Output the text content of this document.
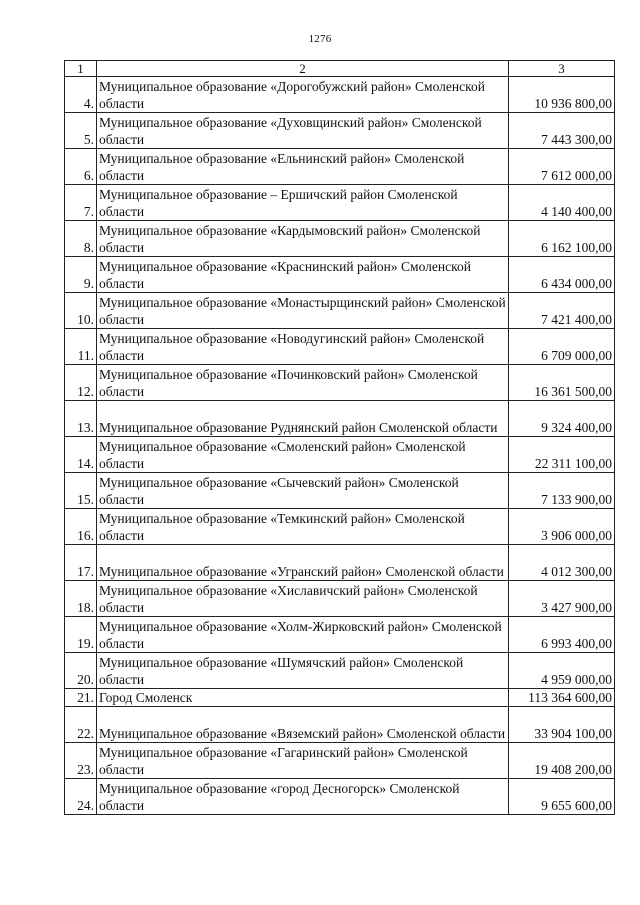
1276
1	2	3
4.	Муниципальное образование «Дорогобужский район» Смоленской области	10 936 800,00
5.	Муниципальное образование «Духовщинский район» Смоленской области	7 443 300,00
6.	Муниципальное образование «Ельнинский район» Смоленской области	7 612 000,00
7.	Муниципальное образование – Ершичский район Смоленской области	4 140 400,00
8.	Муниципальное образование «Кардымовский район» Смоленской области	6 162 100,00
9.	Муниципальное образование «Краснинский район» Смоленской области	6 434 000,00
10.	Муниципальное образование «Монастырщинский район» Смоленской области	7 421 400,00
11.	Муниципальное образование «Новодугинский район» Смоленской области	6 709 000,00
12.	Муниципальное образование «Починковский район» Смоленской области	16 361 500,00
13.	Муниципальное образование Руднянский район Смоленской области	9 324 400,00
14.	Муниципальное образование «Смоленский район» Смоленской области	22 311 100,00
15.	Муниципальное образование «Сычевский район» Смоленской области	7 133 900,00
16.	Муниципальное образование «Темкинский район» Смоленской области	3 906 000,00
17.	Муниципальное образование «Угранский район» Смоленской области	4 012 300,00
18.	Муниципальное образование «Хиславичский район» Смоленской области	3 427 900,00
19.	Муниципальное образование «Холм-Жирковский район» Смоленской области	6 993 400,00
20.	Муниципальное образование «Шумячский район» Смоленской области	4 959 000,00
21.	Город Смоленск	113 364 600,00
22.	Муниципальное образование «Вяземский район» Смоленской области	33 904 100,00
23.	Муниципальное образование «Гагаринский район» Смоленской области	19 408 200,00
24.	Муниципальное образование «город Десногорск» Смоленской области	9 655 600,00
